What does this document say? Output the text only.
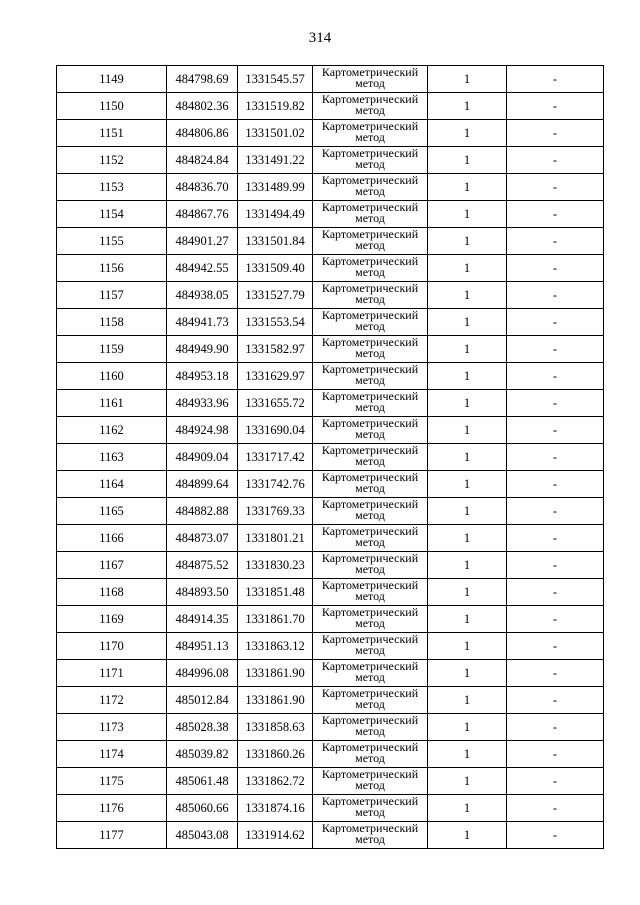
314
1149	484798.69	1331545.57	Картометрический метод	1	-
1150	484802.36	1331519.82	Картометрический метод	1	-
1151	484806.86	1331501.02	Картометрический метод	1	-
1152	484824.84	1331491.22	Картометрический метод	1	-
1153	484836.70	1331489.99	Картометрический метод	1	-
1154	484867.76	1331494.49	Картометрический метод	1	-
1155	484901.27	1331501.84	Картометрический метод	1	-
1156	484942.55	1331509.40	Картометрический метод	1	-
1157	484938.05	1331527.79	Картометрический метод	1	-
1158	484941.73	1331553.54	Картометрический метод	1	-
1159	484949.90	1331582.97	Картометрический метод	1	-
1160	484953.18	1331629.97	Картометрический метод	1	-
1161	484933.96	1331655.72	Картометрический метод	1	-
1162	484924.98	1331690.04	Картометрический метод	1	-
1163	484909.04	1331717.42	Картометрический метод	1	-
1164	484899.64	1331742.76	Картометрический метод	1	-
1165	484882.88	1331769.33	Картометрический метод	1	-
1166	484873.07	1331801.21	Картометрический метод	1	-
1167	484875.52	1331830.23	Картометрический метод	1	-
1168	484893.50	1331851.48	Картометрический метод	1	-
1169	484914.35	1331861.70	Картометрический метод	1	-
1170	484951.13	1331863.12	Картометрический метод	1	-
1171	484996.08	1331861.90	Картометрический метод	1	-
1172	485012.84	1331861.90	Картометрический метод	1	-
1173	485028.38	1331858.63	Картометрический метод	1	-
1174	485039.82	1331860.26	Картометрический метод	1	-
1175	485061.48	1331862.72	Картометрический метод	1	-
1176	485060.66	1331874.16	Картометрический метод	1	-
1177	485043.08	1331914.62	Картометрический метод	1	-
